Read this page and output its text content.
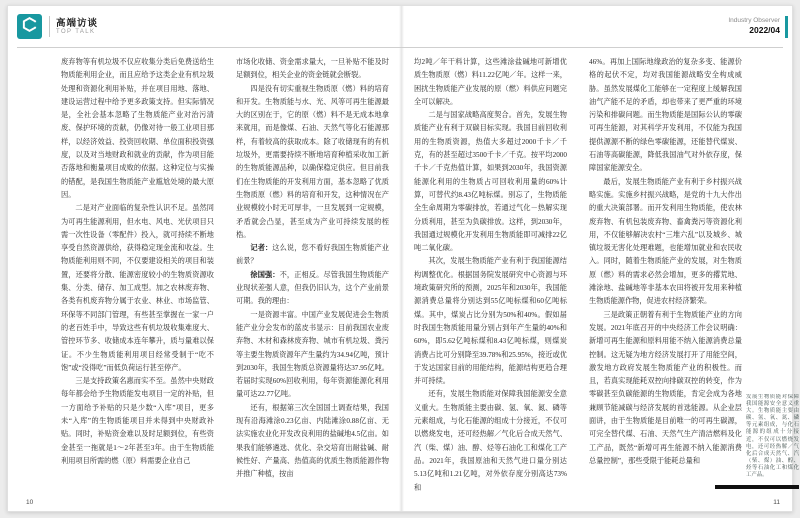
高端访谈
TOP TALK
Industry Observer
2022/04

废弃物等有机垃圾不仅应收集分类后免费送给生物质能利用企业，而且应给予这类企业有机垃圾处理和资源化利用补贴，并在项目用地、落地、建设运营过程中给予更多政策支持。但实际情况是，全社会基本忽略了生物质能产业对治污清废、保护环境的贡献，仍像对待一般工业项目那样，以经济效益、投资回收期、单位面积投资强度，以及对当地财政和就业的贡献，作为项目能否落地和衡量项目成败的依据。这种定位与实操的错配，是我国生物质能产业尴尬处境的最大原因。

二是对产业面临的复杂性认识不足。虽然同为可再生能源利用，但水电、风电、光伏项目只需一次性设备（零配件）投入，就可持续不断地享受自然资源供给，获得稳定现金流和收益。生物质能利用则不同，不仅要建设相关的项目和装置，还要将分散、能源密度较小的生物质资源收集、分类、储存、加工成型。加之农林废弃物、各类有机废弃物分属于农业、林业、市场监管、环保等不同部门管理，有些甚至掌握在一家一户的老百姓手中，导致这些有机垃圾收集难度大、管控环节多、收储成本连年攀升，质与量难以保证。不少生物质能利用项目经常受制于“吃不饱”或“没得吃”而低负荷运行甚至停产。

三是支持政策名惠而实不至。虽然中央财政每年都会给予生物质能发电项目一定的补贴，但一方面给予补贴的只是少数“入库”项目，更多未“入库”的生物质能项目并未得到中央财政补贴。同时，补贴资金难以及时足额到位，有些资金甚至一拖就是1～2年甚至3年。由于生物质能利用项目所需的燃（原）料需要企业自己

市场化收储、资金需求量大，一旦补贴不能及时足额到位，相关企业的资金链就会断裂。

四是没有切实重视生物质原（燃）料的培育和开发。生物质能与水、光、风等可再生能源最大的区别在于，它的原（燃）料不是无成本地拿来就用，而是像煤、石油、天然气等化石能源那样，有着较高的获取成本。除了收储现有的有机垃圾外，更需要持续不断地培育种植采收加工新的生物质能源品种，以确保稳定供应。但目前我们在生物质能的开发利用方面，基本忽略了优质生物质原（燃）料的培育和开发，这种情况在产业规模较小时无可厚非，一旦发展到一定规模，矛盾就会凸显，甚至成为产业可持续发展的桎梏。

记者：这么说，您不看好我国生物质能产业前景？

徐国强：不，正相反。尽管我国生物质能产业现状差强人意，但我仍旧认为，这个产业前景可期。我的理由：

一是资源丰富。中国产业发展促进会生物质能产业分会发布的蓝皮书显示：目前我国农业废弃物、木材和森林废弃物、城市有机垃圾、粪污等主要生物质资源年产生量约为34.94亿吨，预计到2030年，我国生物质总资源量将达37.95亿吨。若届时实现60%回收利用，每年资源能源化利用量可达22.77亿吨。

还有，根据第三次全国国土调查结果，我国现有沿海滩涂0.23亿亩、内陆滩涂0.88亿亩、无法实施农业化开发改良利用的盐碱地4.5亿亩。如果我们能够遴选、优化、杂交培育出耐盐碱、耐候性好、产量高、热值高的优质生物质能源作物并推广种植，按亩

均2吨／年干料计算，这些滩涂盐碱地可新增优质生物质原（燃）料11.22亿吨／年。这样一来，困扰生物质能产业发展的原（燃）料供应问题完全可以解决。

二是与国家战略高度契合。首先，发展生物质能产业有利于双碳目标实现。我国目前回收利用的生物质资源，热值大多超过2000千卡／千克，有的甚至超过3500千卡／千克。按平均2000千卡／千克热值计算，如果到2030年，我国资源能源化利用的生物质占可回收利用量的60%计算，可替代约8.43亿吨标煤。别忘了，生物质能全生命周期为零碳排放，若通过气化－热解实现分质利用，甚至为负碳排放。这样，到2030年，我国通过规模化开发利用生物质能即可减排22亿吨二氧化碳。

其次，发展生物质能产业有利于我国能源结构调整优化。根据国务院发展研究中心资源与环境政策研究所的预测，2025年和2030年，我国能源消费总量将分别达到55亿吨标煤和60亿吨标煤。其中，煤炭占比分别为50%和40%。假如届时我国生物质能用量分别占到年产生量的40%和60%，即5.62亿吨标煤和8.43亿吨标煤，则煤炭消费占比可分别降至39.78%和25.95%，接近或优于发达国家目前的用能结构，能源结构更趋合理并可持续。

还有，发展生物质能对保障我国能源安全意义重大。生物质能主要由碳、氢、氧、氮、磷等元素组成，与化石能源的组成十分接近，不仅可以燃烧发电，还可经热解／气化后合成天然气、汽（柴、煤）油、醇、烃等石油化工和煤化工产品。2021年，我国原油和天然气进口量分别达5.13亿吨和1.21亿吨，对外依存度分别高达73%和

46%。再加上国际地缘政治的复杂多变、能源价格的起伏不定，均对我国能源战略安全构成威胁。虽然发展煤化工能够在一定程度上缓解我国油气产能不足的矛盾，却也带来了更严重的环境污染和排碳问题。而生物质能是国际公认的零碳可再生能源，对其科学开发利用，不仅能为我国提供源源不断的绿色零碳能源，还能替代煤炭、石油等高碳能源，降低我国油气对外依存度，保障国家能源安全。

最后，发展生物质能产业有利于乡村振兴战略实施。实施乡村振兴战略，是党的十九大作出的重大决策部署。而开发利用生物质能，使农林废弃物、有机包装废弃物、畜禽粪污等资源化利用，不仅能够解决农村“三堆六乱”以及城乡、城镇垃圾无害化处理难题，也能增加就业和农民收入。同时，随着生物质能产业的发展，对生物质原（燃）料的需求必然会增加，更多的撂荒地、滩涂地、盐碱地等非基本农田将被开发用来种植生物质能源作物，促进农村经济繁荣。

三是政策正朝着有利于生物质能产业的方向发展。2021年底召开的中央经济工作会议明确：新增可再生能源和原料用能不纳入能源消费总量控制。这无疑为地方经济发展打开了用能空间，激发地方政府发展生物质能产业的积极性。而且，若真实现能耗双控向排碳双控的转变，作为零碳甚至负碳能源的生物质能，肯定会成为各地兼顾节能减碳与经济发展的首选能源。从企业层面讲，由于生物质能是目前唯一的可再生碳源，可完全替代煤、石油、天然气生产清洁燃料及化工产品，既然“新增可再生能源不纳入能源消费总量控制”，那些受限于能耗总量和

发展生物质能对保障我国能源安全意义重大。生物质能主要由碳、氢、氧、氮、磷等元素组成，与化石能源的组成十分接近，不仅可以燃烧发电，还可经热解／气化后合成天然气、汽（柴、煤）油、醇、烃等石油化工和煤化工产品。
10	11
